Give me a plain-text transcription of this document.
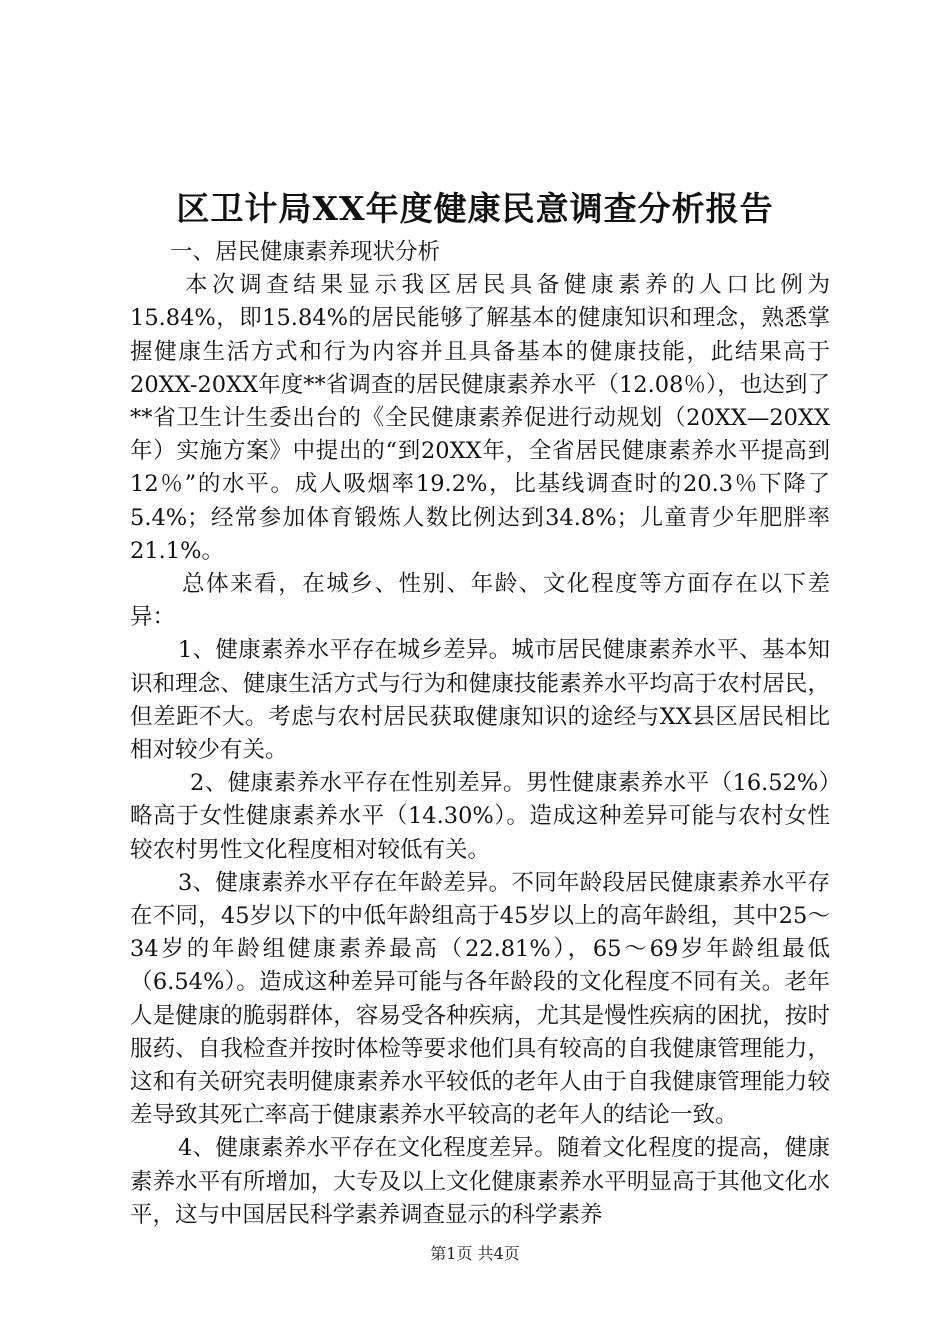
区卫计局XX年度健康民意调查分析报告

一、居民健康素养现状分析

本次调查结果显示我区居民具备健康素养的人口比例为15.84%，即15.84%的居民能够了解基本的健康知识和理念，熟悉掌握健康生活方式和行为内容并且具备基本的健康技能，此结果高于20XX-20XX年度**省调查的居民健康素养水平（12.08％），也达到了**省卫生计生委出台的《全民健康素养促进行动规划（20XX—20XX年）实施方案》中提出的“到20XX年，全省居民健康素养水平提高到12％”的水平。成人吸烟率19.2%，比基线调查时的20.3％下降了5.4%；经常参加体育锻炼人数比例达到34.8%；儿童青少年肥胖率21.1%。

总体来看，在城乡、性别、年龄、文化程度等方面存在以下差异：

1、健康素养水平存在城乡差异。城市居民健康素养水平、基本知识和理念、健康生活方式与行为和健康技能素养水平均高于农村居民，但差距不大。考虑与农村居民获取健康知识的途经与XX县区居民相比相对较少有关。

2、健康素养水平存在性别差异。男性健康素养水平（16.52%）略高于女性健康素养水平（14.30%）。造成这种差异可能与农村女性较农村男性文化程度相对较低有关。

3、健康素养水平存在年龄差异。不同年龄段居民健康素养水平存在不同，45岁以下的中低年龄组高于45岁以上的高年龄组，其中25～34岁的年龄组健康素养最高（22.81%），65～69岁年龄组最低（6.54%）。造成这种差异可能与各年龄段的文化程度不同有关。老年人是健康的脆弱群体，容易受各种疾病，尤其是慢性疾病的困扰，按时服药、自我检查并按时体检等要求他们具有较高的自我健康管理能力，这和有关研究表明健康素养水平较低的老年人由于自我健康管理能力较差导致其死亡率高于健康素养水平较高的老年人的结论一致。

4、健康素养水平存在文化程度差异。随着文化程度的提高，健康素养水平有所增加，大专及以上文化健康素养水平明显高于其他文化水平，这与中国居民科学素养调查显示的科学素养

第1页 共4页
